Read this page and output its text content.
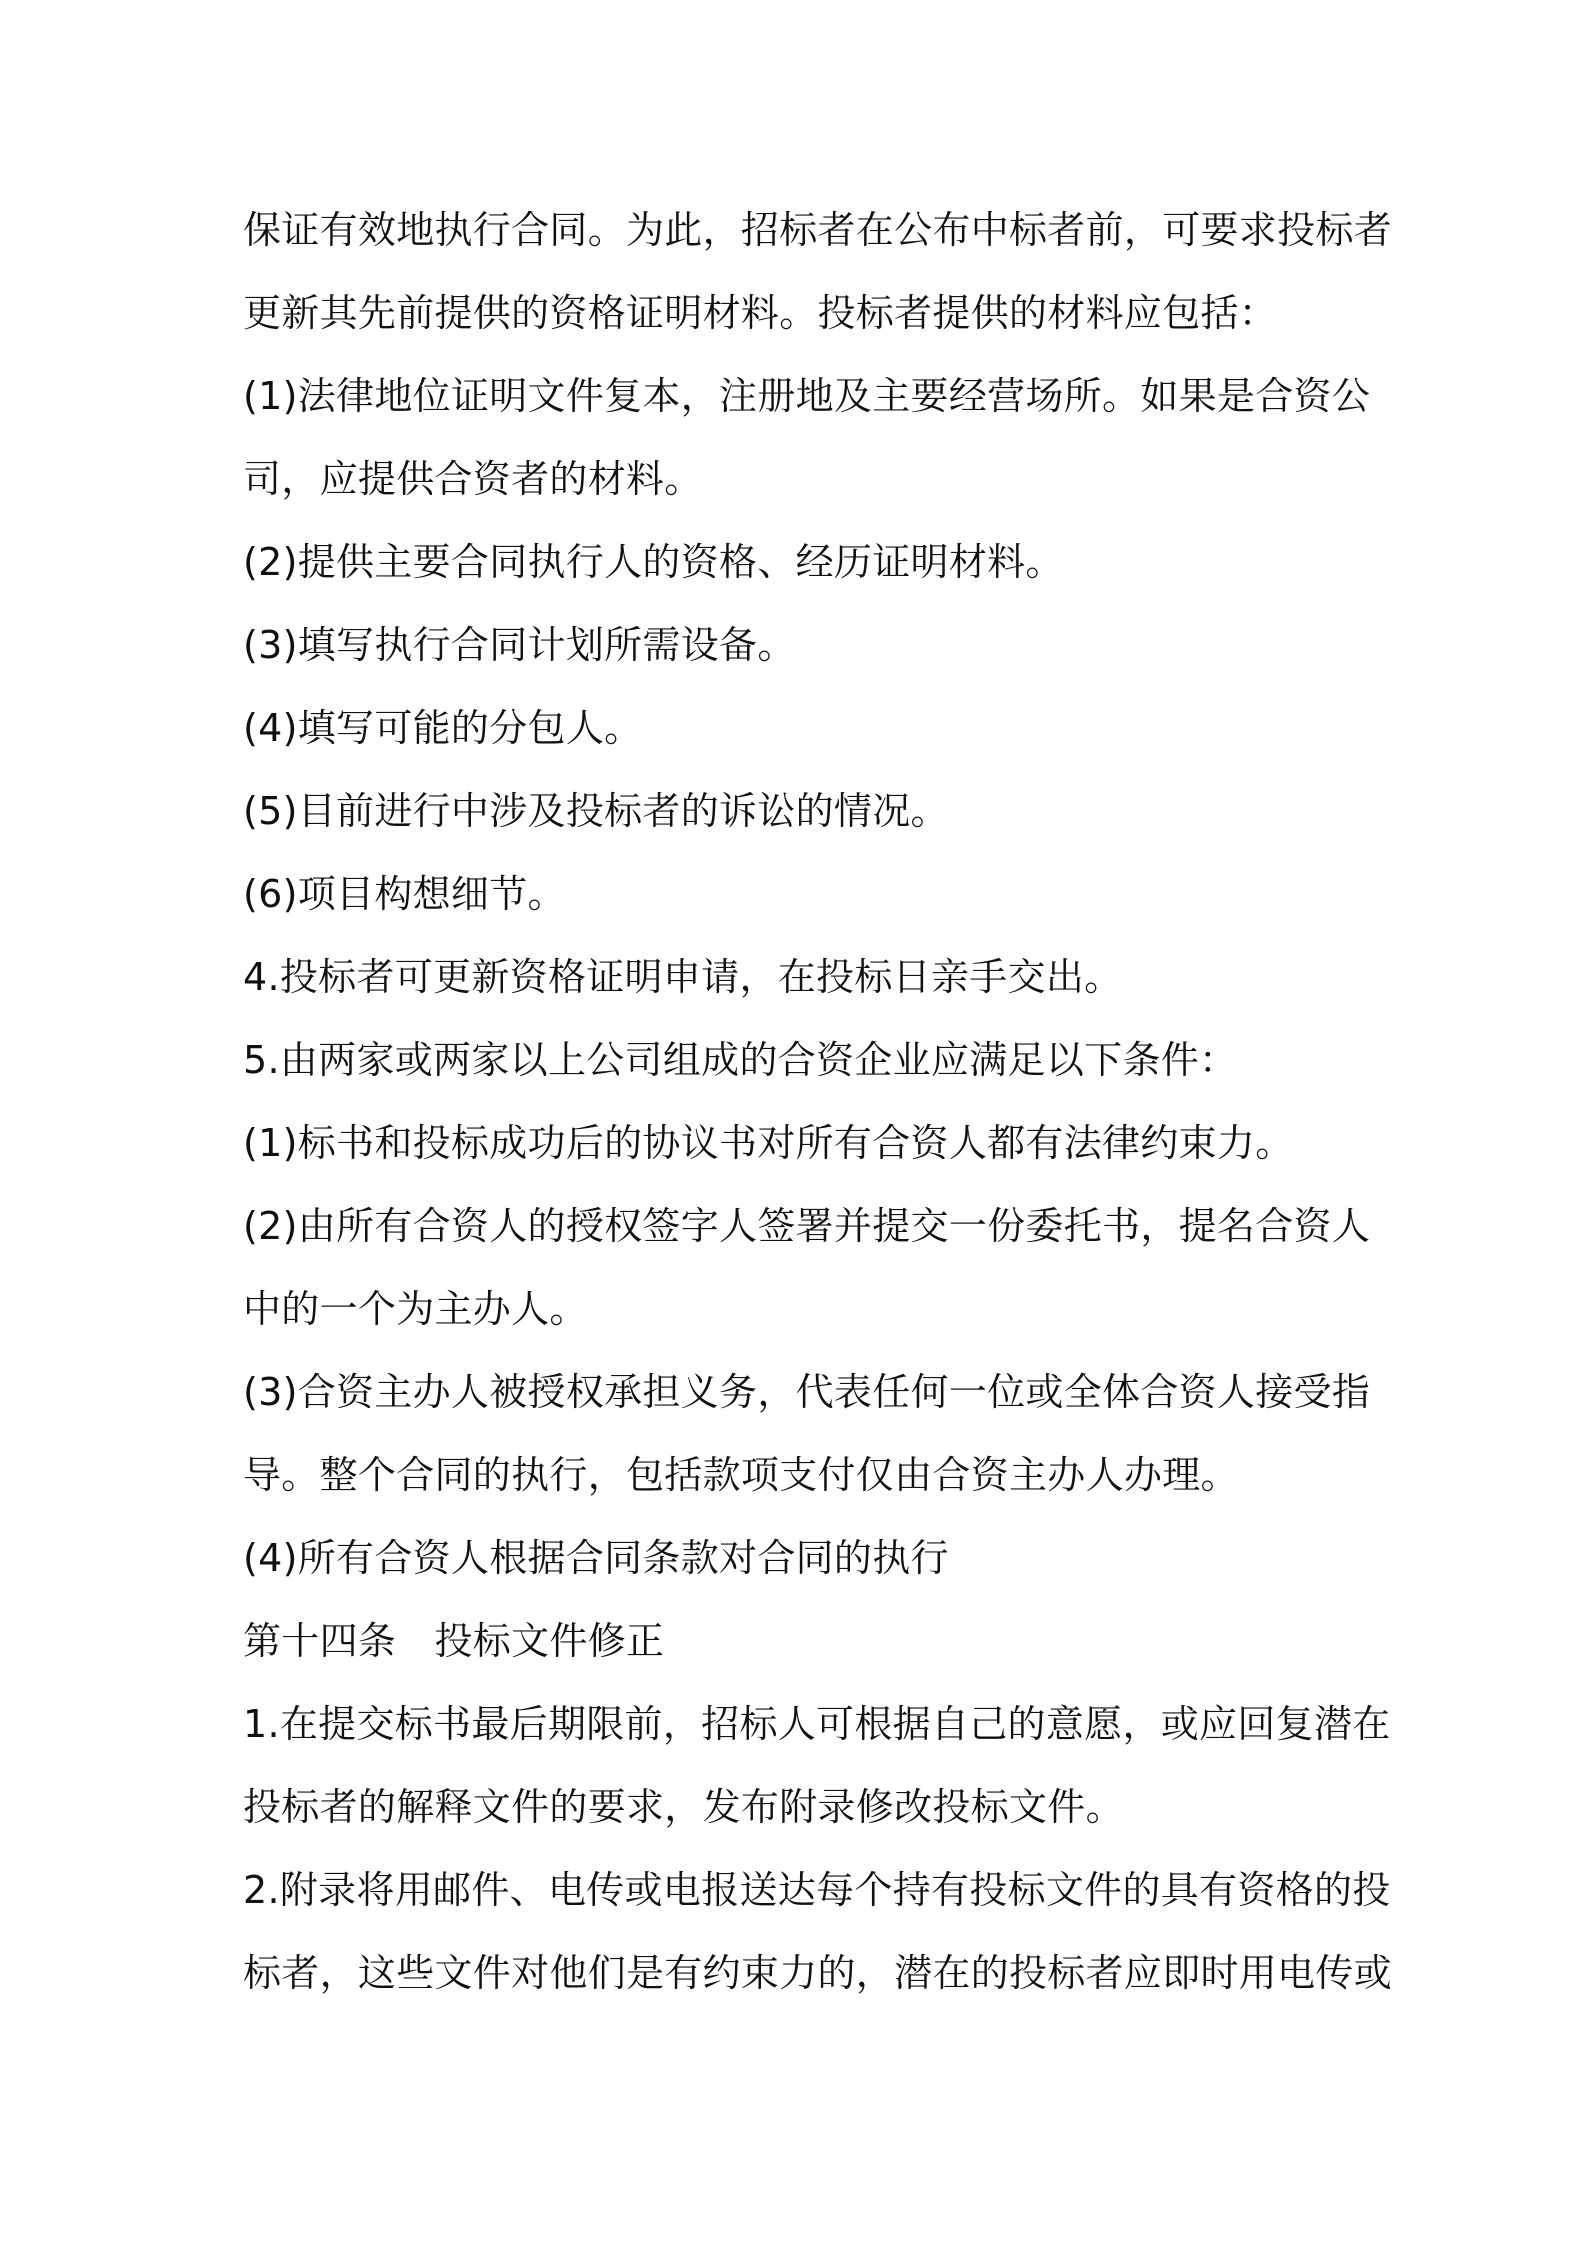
保证有效地执行合同。为此，招标者在公布中标者前，可要求投标者
更新其先前提供的资格证明材料。投标者提供的材料应包括：
(1)法律地位证明文件复本，注册地及主要经营场所。如果是合资公
司，应提供合资者的材料。
(2)提供主要合同执行人的资格、经历证明材料。
(3)填写执行合同计划所需设备。
(4)填写可能的分包人。
(5)目前进行中涉及投标者的诉讼的情况。
(6)项目构想细节。
4.投标者可更新资格证明申请，在投标日亲手交出。
5.由两家或两家以上公司组成的合资企业应满足以下条件：
(1)标书和投标成功后的协议书对所有合资人都有法律约束力。
(2)由所有合资人的授权签字人签署并提交一份委托书，提名合资人
中的一个为主办人。
(3)合资主办人被授权承担义务，代表任何一位或全体合资人接受指
导。整个合同的执行，包括款项支付仅由合资主办人办理。
(4)所有合资人根据合同条款对合同的执行
第十四条　投标文件修正
1.在提交标书最后期限前，招标人可根据自己的意愿，或应回复潜在
投标者的解释文件的要求，发布附录修改投标文件。
2.附录将用邮件、电传或电报送达每个持有投标文件的具有资格的投
标者，这些文件对他们是有约束力的，潜在的投标者应即时用电传或
